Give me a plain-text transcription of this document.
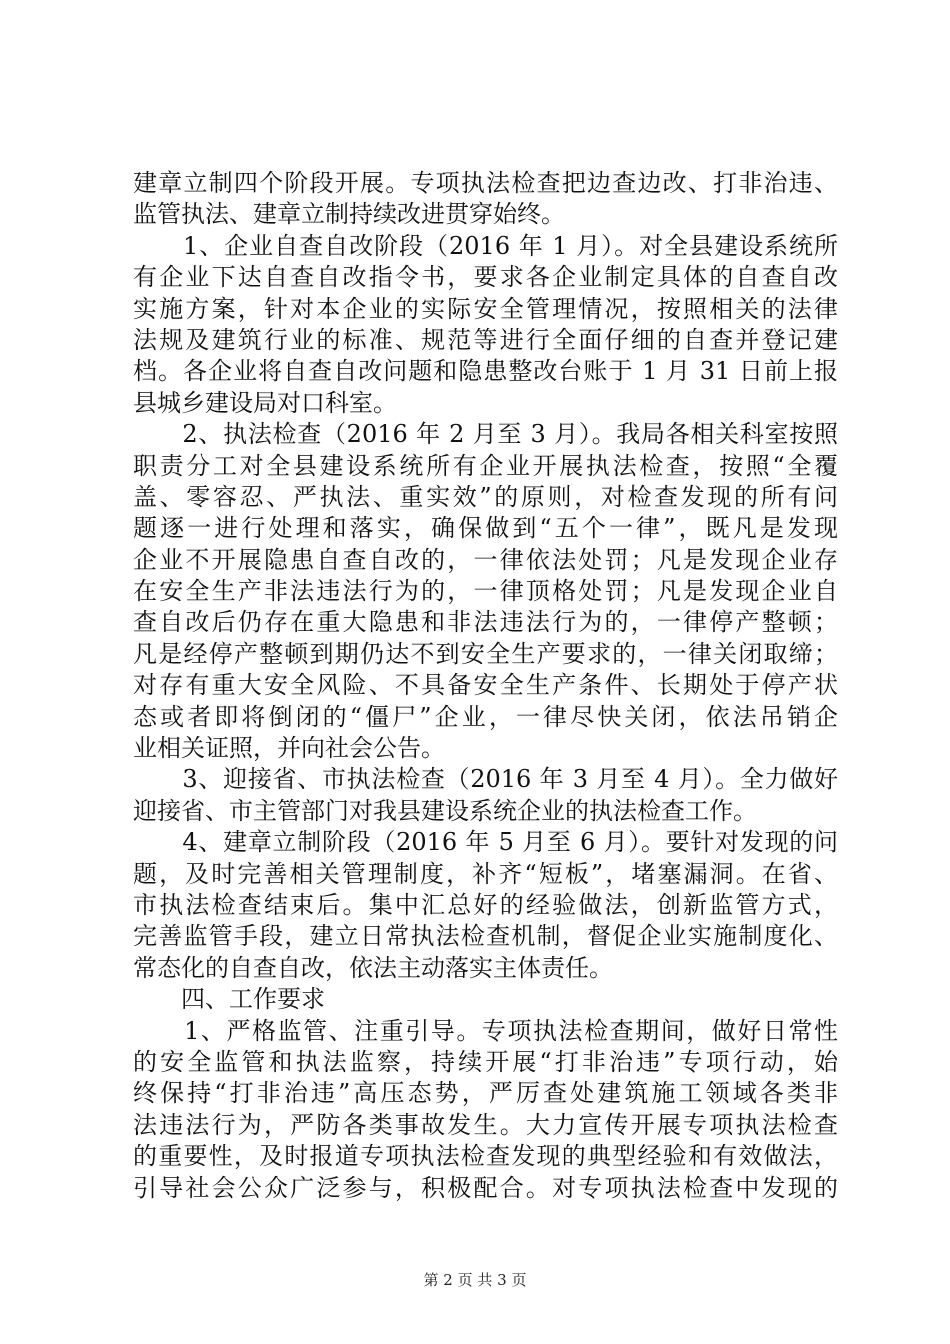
建章立制四个阶段开展。专项执法检查把边查边改、打非治违、
监管执法、建章立制持续改进贯穿始终。
　　1、企业自查自改阶段（2016 年 1 月）。对全县建设系统所
有企业下达自查自改指令书，要求各企业制定具体的自查自改
实施方案，针对本企业的实际安全管理情况，按照相关的法律
法规及建筑行业的标准、规范等进行全面仔细的自查并登记建
档。各企业将自查自改问题和隐患整改台账于 1 月 31 日前上报
县城乡建设局对口科室。
　　2、执法检查（2016 年 2 月至 3 月）。我局各相关科室按照
职责分工对全县建设系统所有企业开展执法检查，按照“全覆
盖、零容忍、严执法、重实效”的原则，对检查发现的所有问
题逐一进行处理和落实，确保做到“五个一律”，既凡是发现
企业不开展隐患自查自改的，一律依法处罚；凡是发现企业存
在安全生产非法违法行为的，一律顶格处罚；凡是发现企业自
查自改后仍存在重大隐患和非法违法行为的，一律停产整顿；
凡是经停产整顿到期仍达不到安全生产要求的，一律关闭取缔；
对存有重大安全风险、不具备安全生产条件、长期处于停产状
态或者即将倒闭的“僵尸”企业，一律尽快关闭，依法吊销企
业相关证照，并向社会公告。
　　3、迎接省、市执法检查（2016 年 3 月至 4 月）。全力做好
迎接省、市主管部门对我县建设系统企业的执法检查工作。
　　4、建章立制阶段（2016 年 5 月至 6 月）。要针对发现的问
题，及时完善相关管理制度，补齐“短板”，堵塞漏洞。在省、
市执法检查结束后。集中汇总好的经验做法，创新监管方式，
完善监管手段，建立日常执法检查机制，督促企业实施制度化、
常态化的自查自改，依法主动落实主体责任。
　　四、工作要求
　　1、严格监管、注重引导。专项执法检查期间，做好日常性
的安全监管和执法监察，持续开展“打非治违”专项行动，始
终保持“打非治违”高压态势，严厉查处建筑施工领域各类非
法违法行为，严防各类事故发生。大力宣传开展专项执法检查
的重要性，及时报道专项执法检查发现的典型经验和有效做法，
引导社会公众广泛参与，积极配合。对专项执法检查中发现的
第 2 页 共 3 页
